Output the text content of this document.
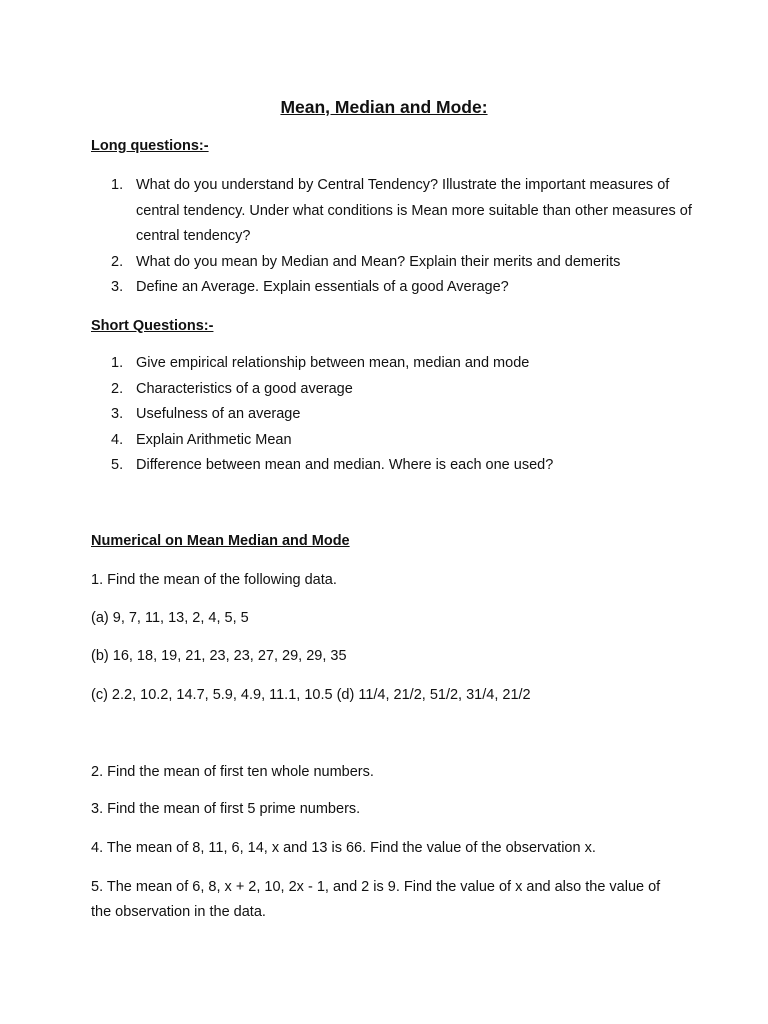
Mean, Median and Mode:
Long questions:-
1. What do you understand by Central Tendency? Illustrate the important measures of central tendency. Under what conditions is Mean more suitable than other measures of central tendency?
2. What do you mean by Median and Mean? Explain their merits and demerits
3. Define an Average. Explain essentials of a good Average?
Short Questions:-
1. Give empirical relationship between mean, median and mode
2. Characteristics of a good average
3. Usefulness of an average
4. Explain Arithmetic Mean
5. Difference between mean and median. Where is each one used?
Numerical on Mean Median and Mode
1. Find the mean of the following data.
(a) 9, 7, 11, 13, 2, 4, 5, 5
(b) 16, 18, 19, 21, 23, 23, 27, 29, 29, 35
(c) 2.2, 10.2, 14.7, 5.9, 4.9, 11.1, 10.5 (d) 11/4, 21/2, 51/2, 31/4, 21/2
2. Find the mean of first ten whole numbers.
3. Find the mean of first 5 prime numbers.
4. The mean of 8, 11, 6, 14, x and 13 is 66. Find the value of the observation x.
5. The mean of 6, 8, x + 2, 10, 2x - 1, and 2 is 9. Find the value of x and also the value of the observation in the data.
